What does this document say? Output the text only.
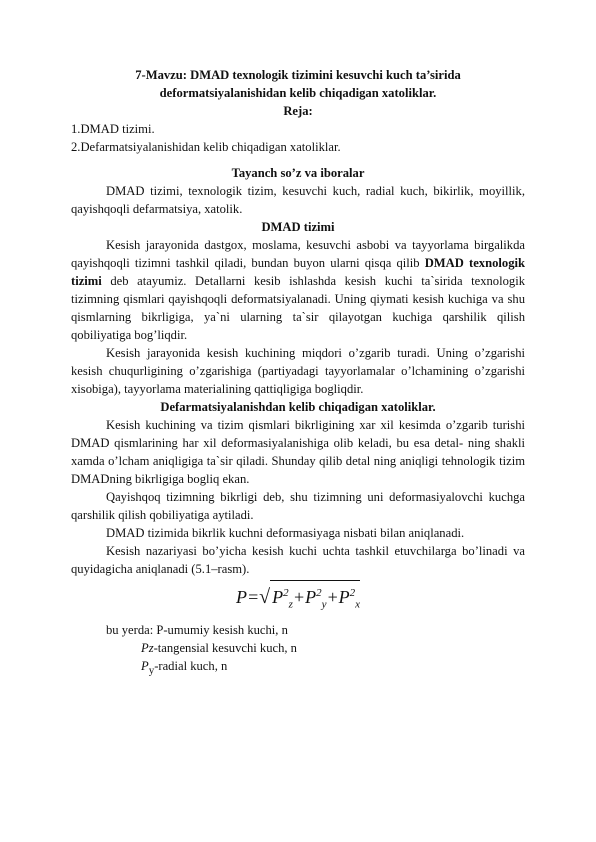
7-Mavzu: DMAD texnologik tizimini kesuvchi kuch ta’sirida

deformatsiyalanishidan kelib chiqadigan xatoliklar.

Reja:

1.DMAD tizimi.

2.Defarmatsiyalanishidan kelib chiqadigan xatoliklar.

Tayanch so’z va iboralar

DMAD tizimi, texnologik tizim, kesuvchi kuch, radial kuch, bikirlik, moyillik, qayishqoqli defarmatsiya, xatolik.

DMAD tizimi

Kesish jarayonida dastgox, moslama, kesuvchi asbobi va tayyorlama birgalikda qayishqoqli tizimni tashkil qiladi, bundan buyon ularni qisqa qilib DMAD texnologik tizimi deb atayumiz. Detallarni kesib ishlashda kesish kuchi ta`sirida texnologik tizimning qismlari qayishqoqli deformatsiyalanadi. Uning qiymati kesish kuchiga va shu qismlarning bikrligiga, ya`ni ularning ta`sir qilayotgan kuchiga qarshilik qilish qobiliyatiga bog’liqdir.

Kesish jarayonida kesish kuchining miqdori o’zgarib turadi. Uning o’zgarishi kesish chuqurligining o’zgarishiga (partiyadagi tayyorlamalar o’lchamining o’zgarishi xisobiga), tayyorlama materialining qattiqligiga bogliqdir.

Defarmatsiyalanishdan kelib chiqadigan xatoliklar.

Kesish kuchining va tizim qismlari bikrligining xar xil kesimda o’zgarib turishi DMAD qismlarining har xil deformasiyalanishiga olib keladi, bu esa detal- ning shakli xamda o’lcham aniqligiga ta`sir qiladi. Shunday qilib detal ning aniqligi tehnologik tizim DMADning bikrligiga bogliq ekan.

Qayishqoq tizimning bikrligi deb, shu tizimning uni deformasiyalovchi kuchga qarshilik qilish qobiliyatiga aytiladi.

DMAD tizimida bikrlik kuchni deformasiyaga nisbati bilan aniqlanadi.

Kesish nazariyasi bo’yicha kesish kuchi uchta tashkil etuvchilarga bo’linadi va quyidagicha aniqlanadi (5.1–rasm).

P=√ $P^2_z+P^2_y+P^2_x$

bu yerda: P-umumiy kesish kuchi, n

Pz-tangensial kesuvchi kuch, n

$P_y$-radial kuch, n
